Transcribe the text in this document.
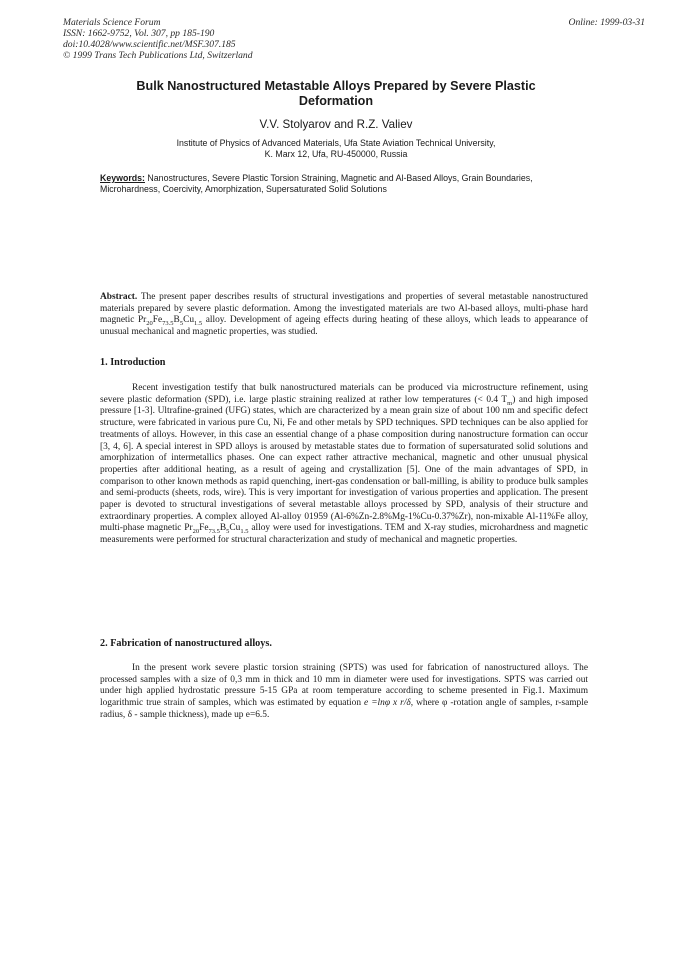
Materials Science Forum
ISSN: 1662-9752, Vol. 307, pp 185-190
doi:10.4028/www.scientific.net/MSF.307.185
© 1999 Trans Tech Publications Ltd, Switzerland
Online: 1999-03-31
Bulk Nanostructured Metastable Alloys Prepared by Severe Plastic Deformation
V.V. Stolyarov and R.Z. Valiev
Institute of Physics of Advanced Materials, Ufa State Aviation Technical University,
K. Marx 12, Ufa, RU-450000, Russia
Keywords: Nanostructures, Severe Plastic Torsion Straining, Magnetic and Al-Based Alloys, Grain Boundaries, Microhardness, Coercivity, Amorphization, Supersaturated Solid Solutions
Abstract. The present paper describes results of structural investigations and properties of several metastable nanostructured materials prepared by severe plastic deformation. Among the investigated materials are two Al-based alloys, multi-phase hard magnetic $Pr_{20}Fe_{73.5}B_5Cu_{1.5}$ alloy. Development of ageing effects during heating of these alloys, which leads to appearance of unusual mechanical and magnetic properties, was studied.
1. Introduction
Recent investigation testify that bulk nanostructured materials can be produced via microstructure refinement, using severe plastic deformation (SPD), i.e. large plastic straining realized at rather low temperatures (< 0.4 $T_m$) and high imposed pressure [1-3]. Ultrafine-grained (UFG) states, which are characterized by a mean grain size of about 100 nm and specific defect structure, were fabricated in various pure Cu, Ni, Fe and other metals by SPD techniques. SPD techniques can be also applied for treatments of alloys. However, in this case an essential change of a phase composition during nanostructure formation can occur [3, 4, 6]. A special interest in SPD alloys is aroused by metastable states due to formation of supersaturated solid solutions and amorphization of intermetallics phases. One can expect rather attractive mechanical, magnetic and other unusual physical properties after additional heating, as a result of ageing and crystallization [5]. One of the main advantages of SPD, in comparison to other known methods as rapid quenching, inert-gas condensation or ball-milling, is ability to produce bulk samples and semi-products (sheets, rods, wire). This is very important for investigation of various properties and application. The present paper is devoted to structural investigations of several metastable alloys processed by SPD, analysis of their structure and extraordinary properties. A complex alloyed Al-alloy 01959 (Al-6%Zn-2.8%Mg-1%Cu-0.37%Zr), non-mixable Al-11%Fe alloy, multi-phase magnetic $Pr_{20}Fe_{73.5}B_5Cu_{1.5}$ alloy were used for investigations. TEM and X-ray studies, microhardness and magnetic measurements were performed for structural characterization and study of mechanical and magnetic properties.
2. Fabrication of nanostructured alloys.
In the present work severe plastic torsion straining (SPTS) was used for fabrication of nanostructured alloys. The processed samples with a size of 0,3 mm in thick and 10 mm in diameter were used for investigations. SPTS was carried out under high applied hydrostatic pressure 5-15 GPa at room temperature according to scheme presented in Fig.1. Maximum logarithmic true strain of samples, which was estimated by equation e =lnφ x r/δ, where φ -rotation angle of samples, r-sample radius, δ - sample thickness), made up e=6.5.
